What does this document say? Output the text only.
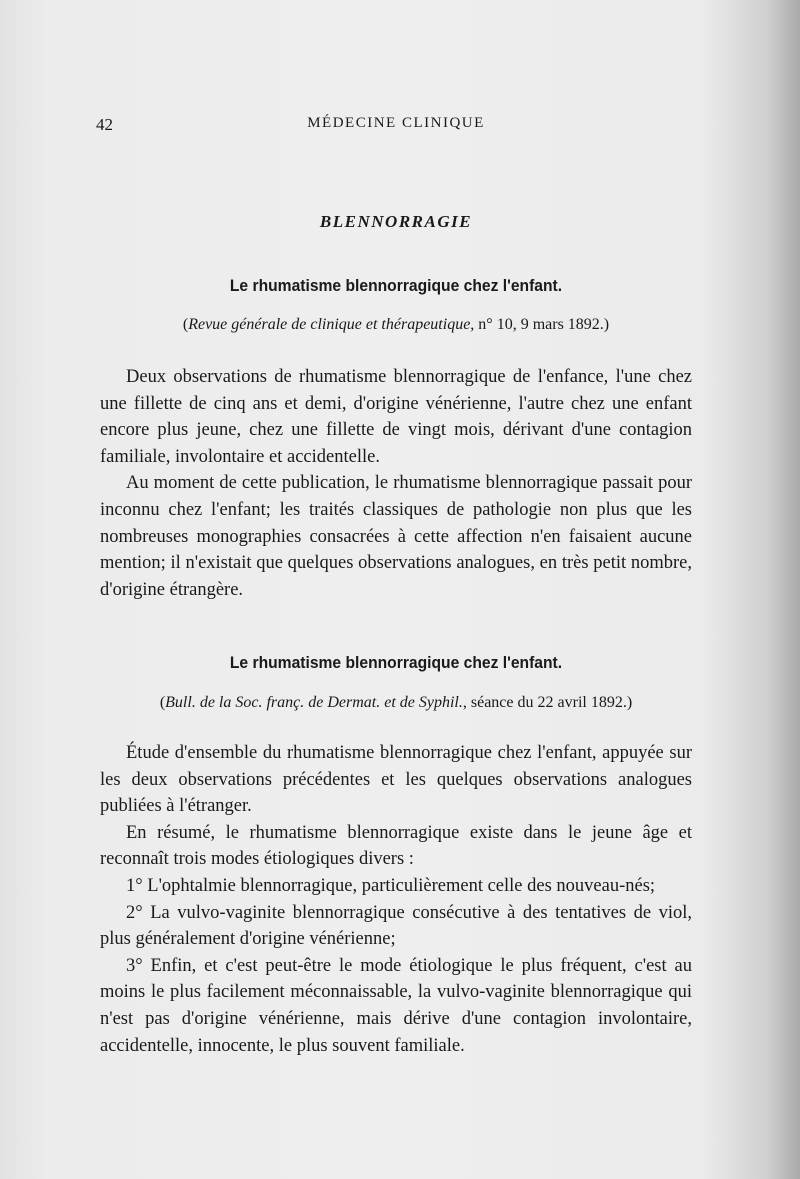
42	MÉDECINE CLINIQUE
BLENNORRAGIE
Le rhumatisme blennorragique chez l'enfant.
(Revue générale de clinique et thérapeutique, n° 10, 9 mars 1892.)

Deux observations de rhumatisme blennorragique de l'enfance, l'une chez une fillette de cinq ans et demi, d'origine vénérienne, l'autre chez une enfant encore plus jeune, chez une fillette de vingt mois, dérivant d'une contagion familiale, involontaire et accidentelle.

Au moment de cette publication, le rhumatisme blennorragique passait pour inconnu chez l'enfant; les traités classiques de pathologie non plus que les nombreuses monographies consacrées à cette affection n'en faisaient aucune mention; il n'existait que quelques observations analogues, en très petit nombre, d'origine étrangère.

Le rhumatisme blennorragique chez l'enfant.
(Bull. de la Soc. franç. de Dermat. et de Syphil., séance du 22 avril 1892.)

Étude d'ensemble du rhumatisme blennorragique chez l'enfant, appuyée sur les deux observations précédentes et les quelques observations analogues publiées à l'étranger.

En résumé, le rhumatisme blennorragique existe dans le jeune âge et reconnaît trois modes étiologiques divers :

1° L'ophtalmie blennorragique, particulièrement celle des nouveau-nés;

2° La vulvo-vaginite blennorragique consécutive à des tentatives de viol, plus généralement d'origine vénérienne;

3° Enfin, et c'est peut-être le mode étiologique le plus fréquent, c'est au moins le plus facilement méconnaissable, la vulvo-vaginite blennorragique qui n'est pas d'origine vénérienne, mais dérive d'une contagion involontaire, accidentelle, innocente, le plus souvent familiale.
